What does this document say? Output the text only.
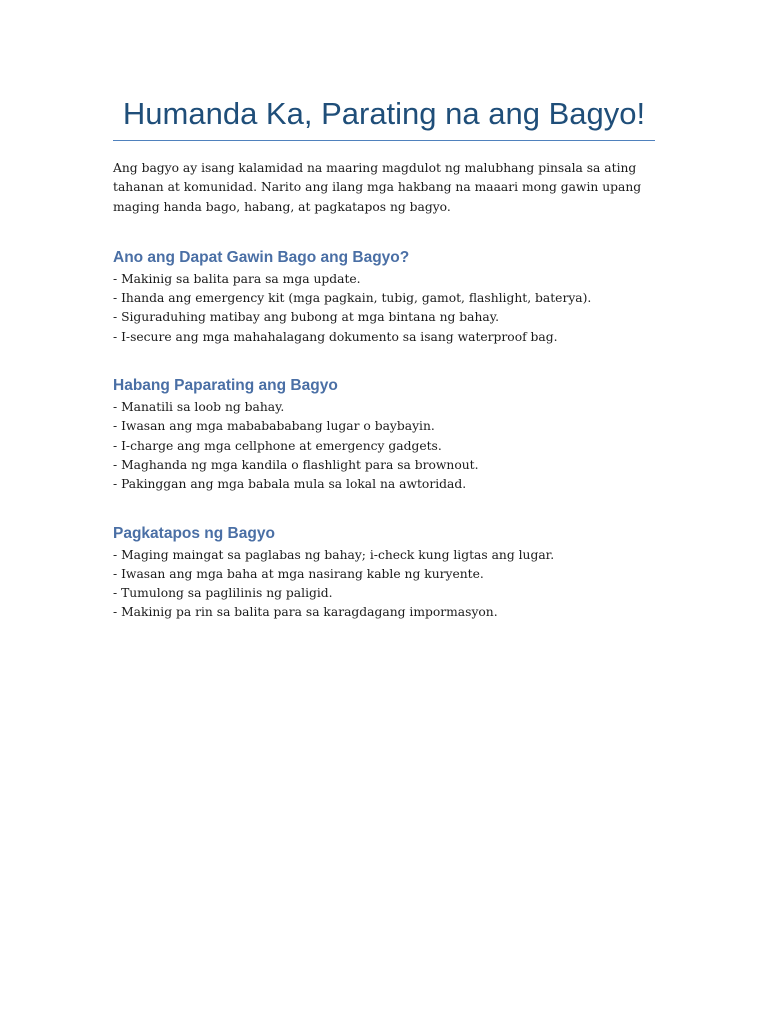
Humanda Ka, Parating na ang Bagyo!

Ang bagyo ay isang kalamidad na maaring magdulot ng malubhang pinsala sa ating tahanan at komunidad. Narito ang ilang mga hakbang na maaari mong gawin upang maging handa bago, habang, at pagkatapos ng bagyo.

Ano ang Dapat Gawin Bago ang Bagyo?
- Makinig sa balita para sa mga update.
- Ihanda ang emergency kit (mga pagkain, tubig, gamot, flashlight, baterya).
- Siguraduhing matibay ang bubong at mga bintana ng bahay.
- I-secure ang mga mahahalagang dokumento sa isang waterproof bag.
Habang Paparating ang Bagyo
- Manatili sa loob ng bahay.
- Iwasan ang mga mababababang lugar o baybayin.
- I-charge ang mga cellphone at emergency gadgets.
- Maghanda ng mga kandila o flashlight para sa brownout.
- Pakinggan ang mga babala mula sa lokal na awtoridad.
Pagkatapos ng Bagyo
- Maging maingat sa paglabas ng bahay; i-check kung ligtas ang lugar.
- Iwasan ang mga baha at mga nasirang kable ng kuryente.
- Tumulong sa paglilinis ng paligid.
- Makinig pa rin sa balita para sa karagdagang impormasyon.
